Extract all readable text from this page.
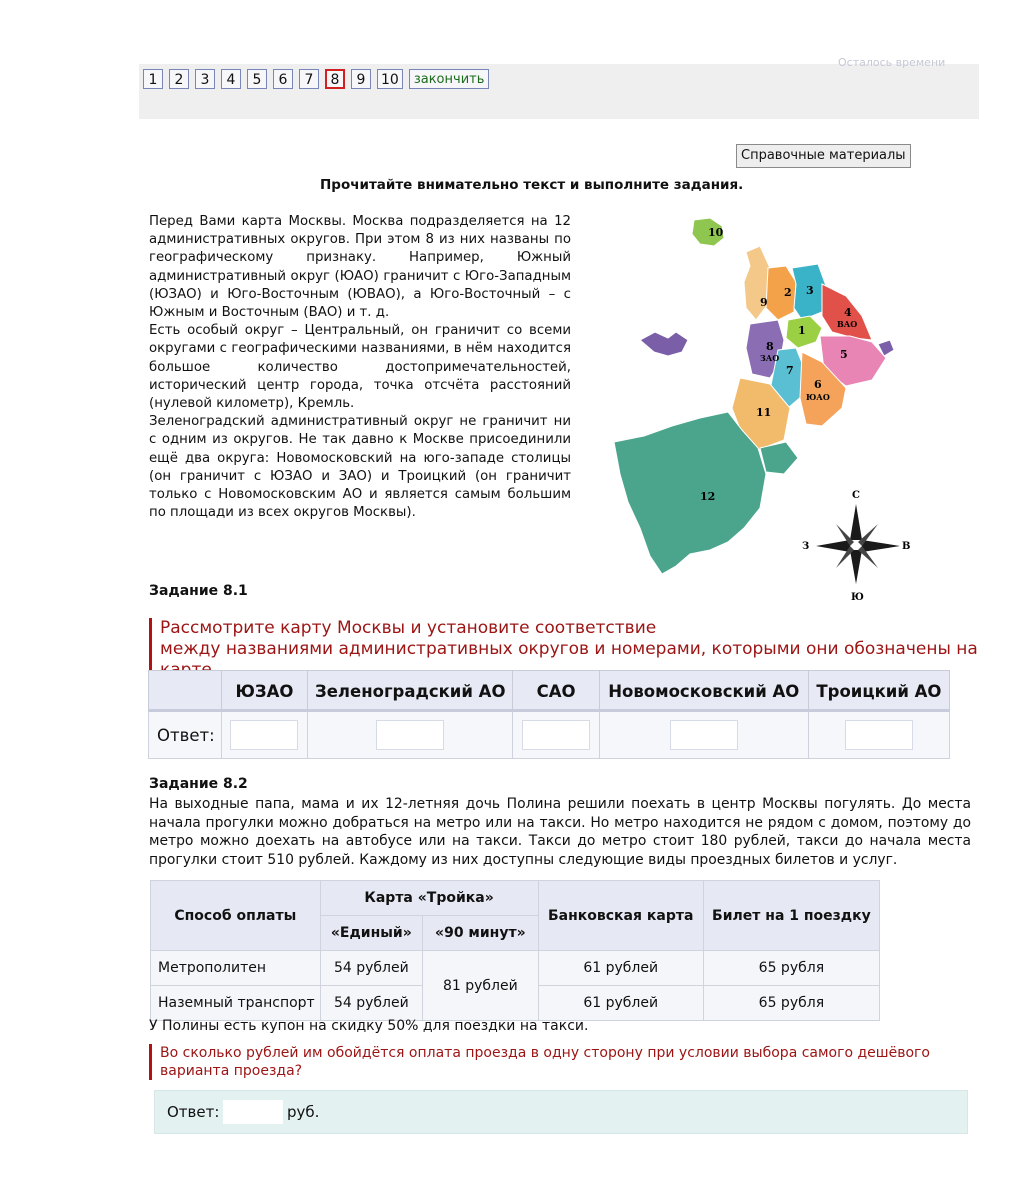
Осталось времени
1	2	3	4	5	6	7	8	9	10	закончить
Справочные материалы
Прочитайте внимательно текст и выполните задания.

Перед Вами карта Москвы. Москва подразделяется на 12 административных округов. При этом 8 из них названы по географическому признаку. Например, Южный административный округ (ЮАО) граничит с Юго-Западным (ЮЗАО) и Юго-Восточным (ЮВАО), а Юго-Восточный – с Южным и Восточным (ВАО) и т. д.

Есть особый округ – Центральный, он граничит со всеми округами с географическими названиями, в нём находится большое количество достопримечательностей, исторический центр города, точка отсчёта расстояний (нулевой километр), Кремль.

Зеленоградский административный округ не граничит ни с одним из округов. Не так давно к Москве присоединили ещё два округа: Новомосковский на юго-западе столицы (он граничит с ЮЗАО и ЗАО) и Троицкий (он граничит только с Новомосковским АО и является самым большим по площади из всех округов Москвы).

10
9
2 3
4
ВАО
1
8
ЗАО	5
7
6
ЮАО
11
12	С
Ю
З	В
Задание 8.1
Рассмотрите карту Москвы и установите соответствие
между названиями административных округов и номерами, которыми они обозначены на
	ЮЗАО	Зеленоградский АО	САО	Новомосковский АО	Троицкий АО
Ответ:					
Задание 8.2
На выходные папа, мама и их 12-летняя дочь Полина решили поехать в центр Москвы погулять. До места начала прогулки можно добраться на метро или на такси. Но метро находится не рядом с домом, поэтому до метро можно доехать на автобусе или на такси. Такси до метро стоит 180 рублей, такси до начала места прогулки стоит 510 рублей. Каждому из них доступны следующие виды проездных билетов и услуг.
Способ оплаты	Карта «Тройка»		Банковская карта	Билет на 1 поездку
	«Единый»	«90 минут»		
Метрополитен	54 рублей	81 рублей	61 рублей	65 рубля
Наземный транспорт	54 рублей		61 рублей	65 рубля
У Полины есть купон на скидку 50% для поездки на такси.
Во сколько рублей им обойдётся оплата проезда в одну сторону при условии выбора самого дешёвого варианта проезда?
Ответ:	руб.
